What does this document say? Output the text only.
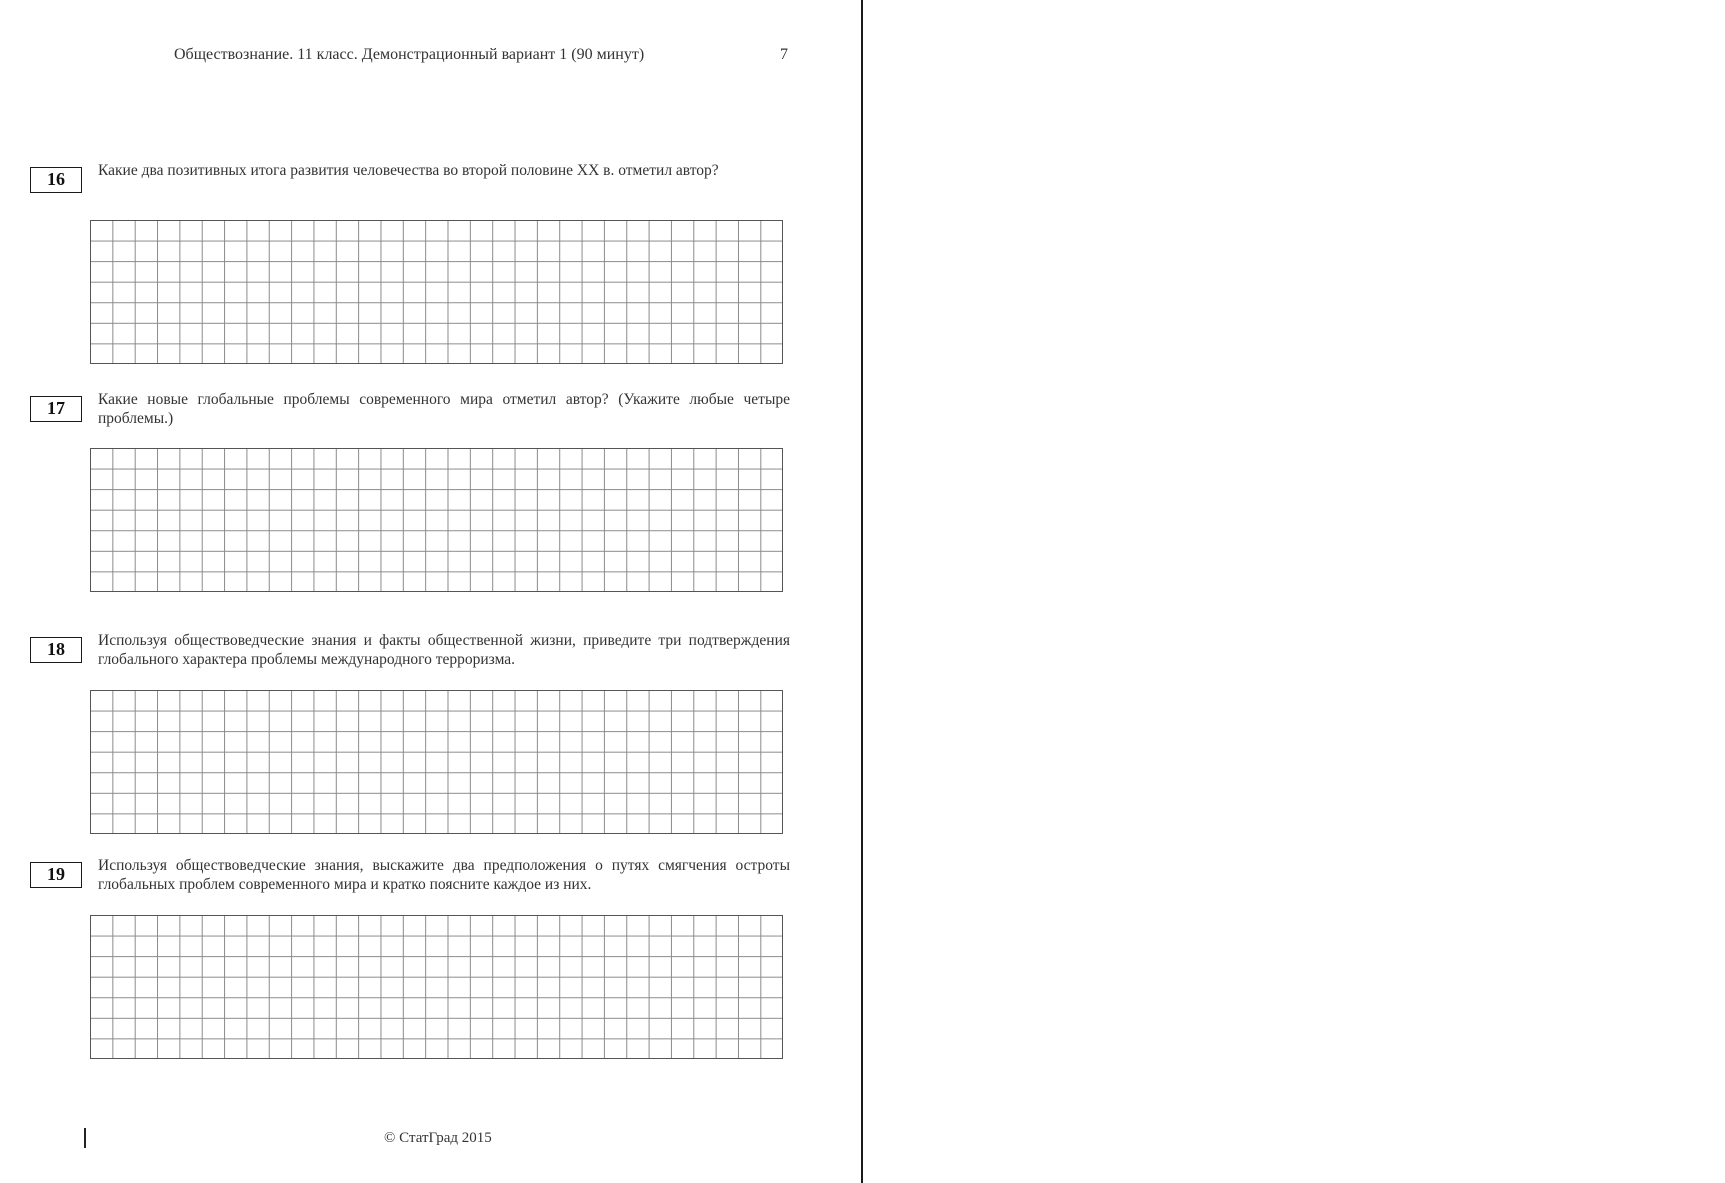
Обществознание. 11 класс. Демонстрационный вариант 1 (90 минут)	7
16	Какие два позитивных итога развития человечества во второй половине XX в. отметил автор?
17	Какие новые глобальные проблемы современного мира отметил автор? (Укажите любые четыре проблемы.)
18	Используя обществоведческие знания и факты общественной жизни, приведите три подтверждения глобального характера проблемы международного терроризма.
19	Используя обществоведческие знания, выскажите два предположения о путях смягчения остроты глобальных проблем современного мира и кратко поясните каждое из них.
© СтатГрад 2015
